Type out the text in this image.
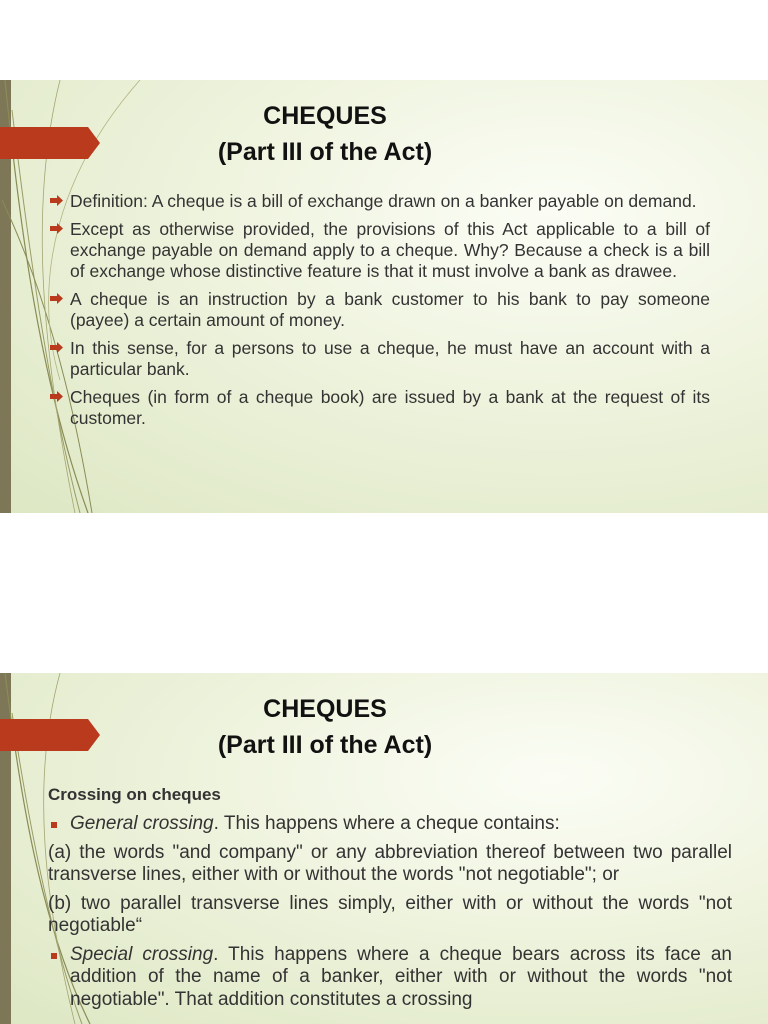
CHEQUES
(Part III of the Act)
Definition: A cheque is a bill of exchange drawn on a banker payable on demand.
Except as otherwise provided, the provisions of this Act applicable to a bill of exchange payable on demand apply to a cheque. Why? Because a check is a bill of exchange whose distinctive feature is that it must involve a bank as drawee.
A cheque is an instruction by a bank customer to his bank to pay someone (payee) a certain amount of money.
In this sense, for a persons to use a cheque, he must have an account with a particular bank.
Cheques (in form of a cheque book) are issued by a bank at the request of its customer.
CHEQUES
(Part III of the Act)
Crossing on cheques
General crossing. This happens where a cheque contains:
(a) the words "and company" or any abbreviation thereof between two parallel transverse lines, either with or without the words "not negotiable"; or
(b) two parallel transverse lines simply, either with or without the words "not negotiable“
Special crossing. This happens where a cheque bears across its face an addition of the name of a banker, either with or without the words "not negotiable". That addition constitutes a crossing
